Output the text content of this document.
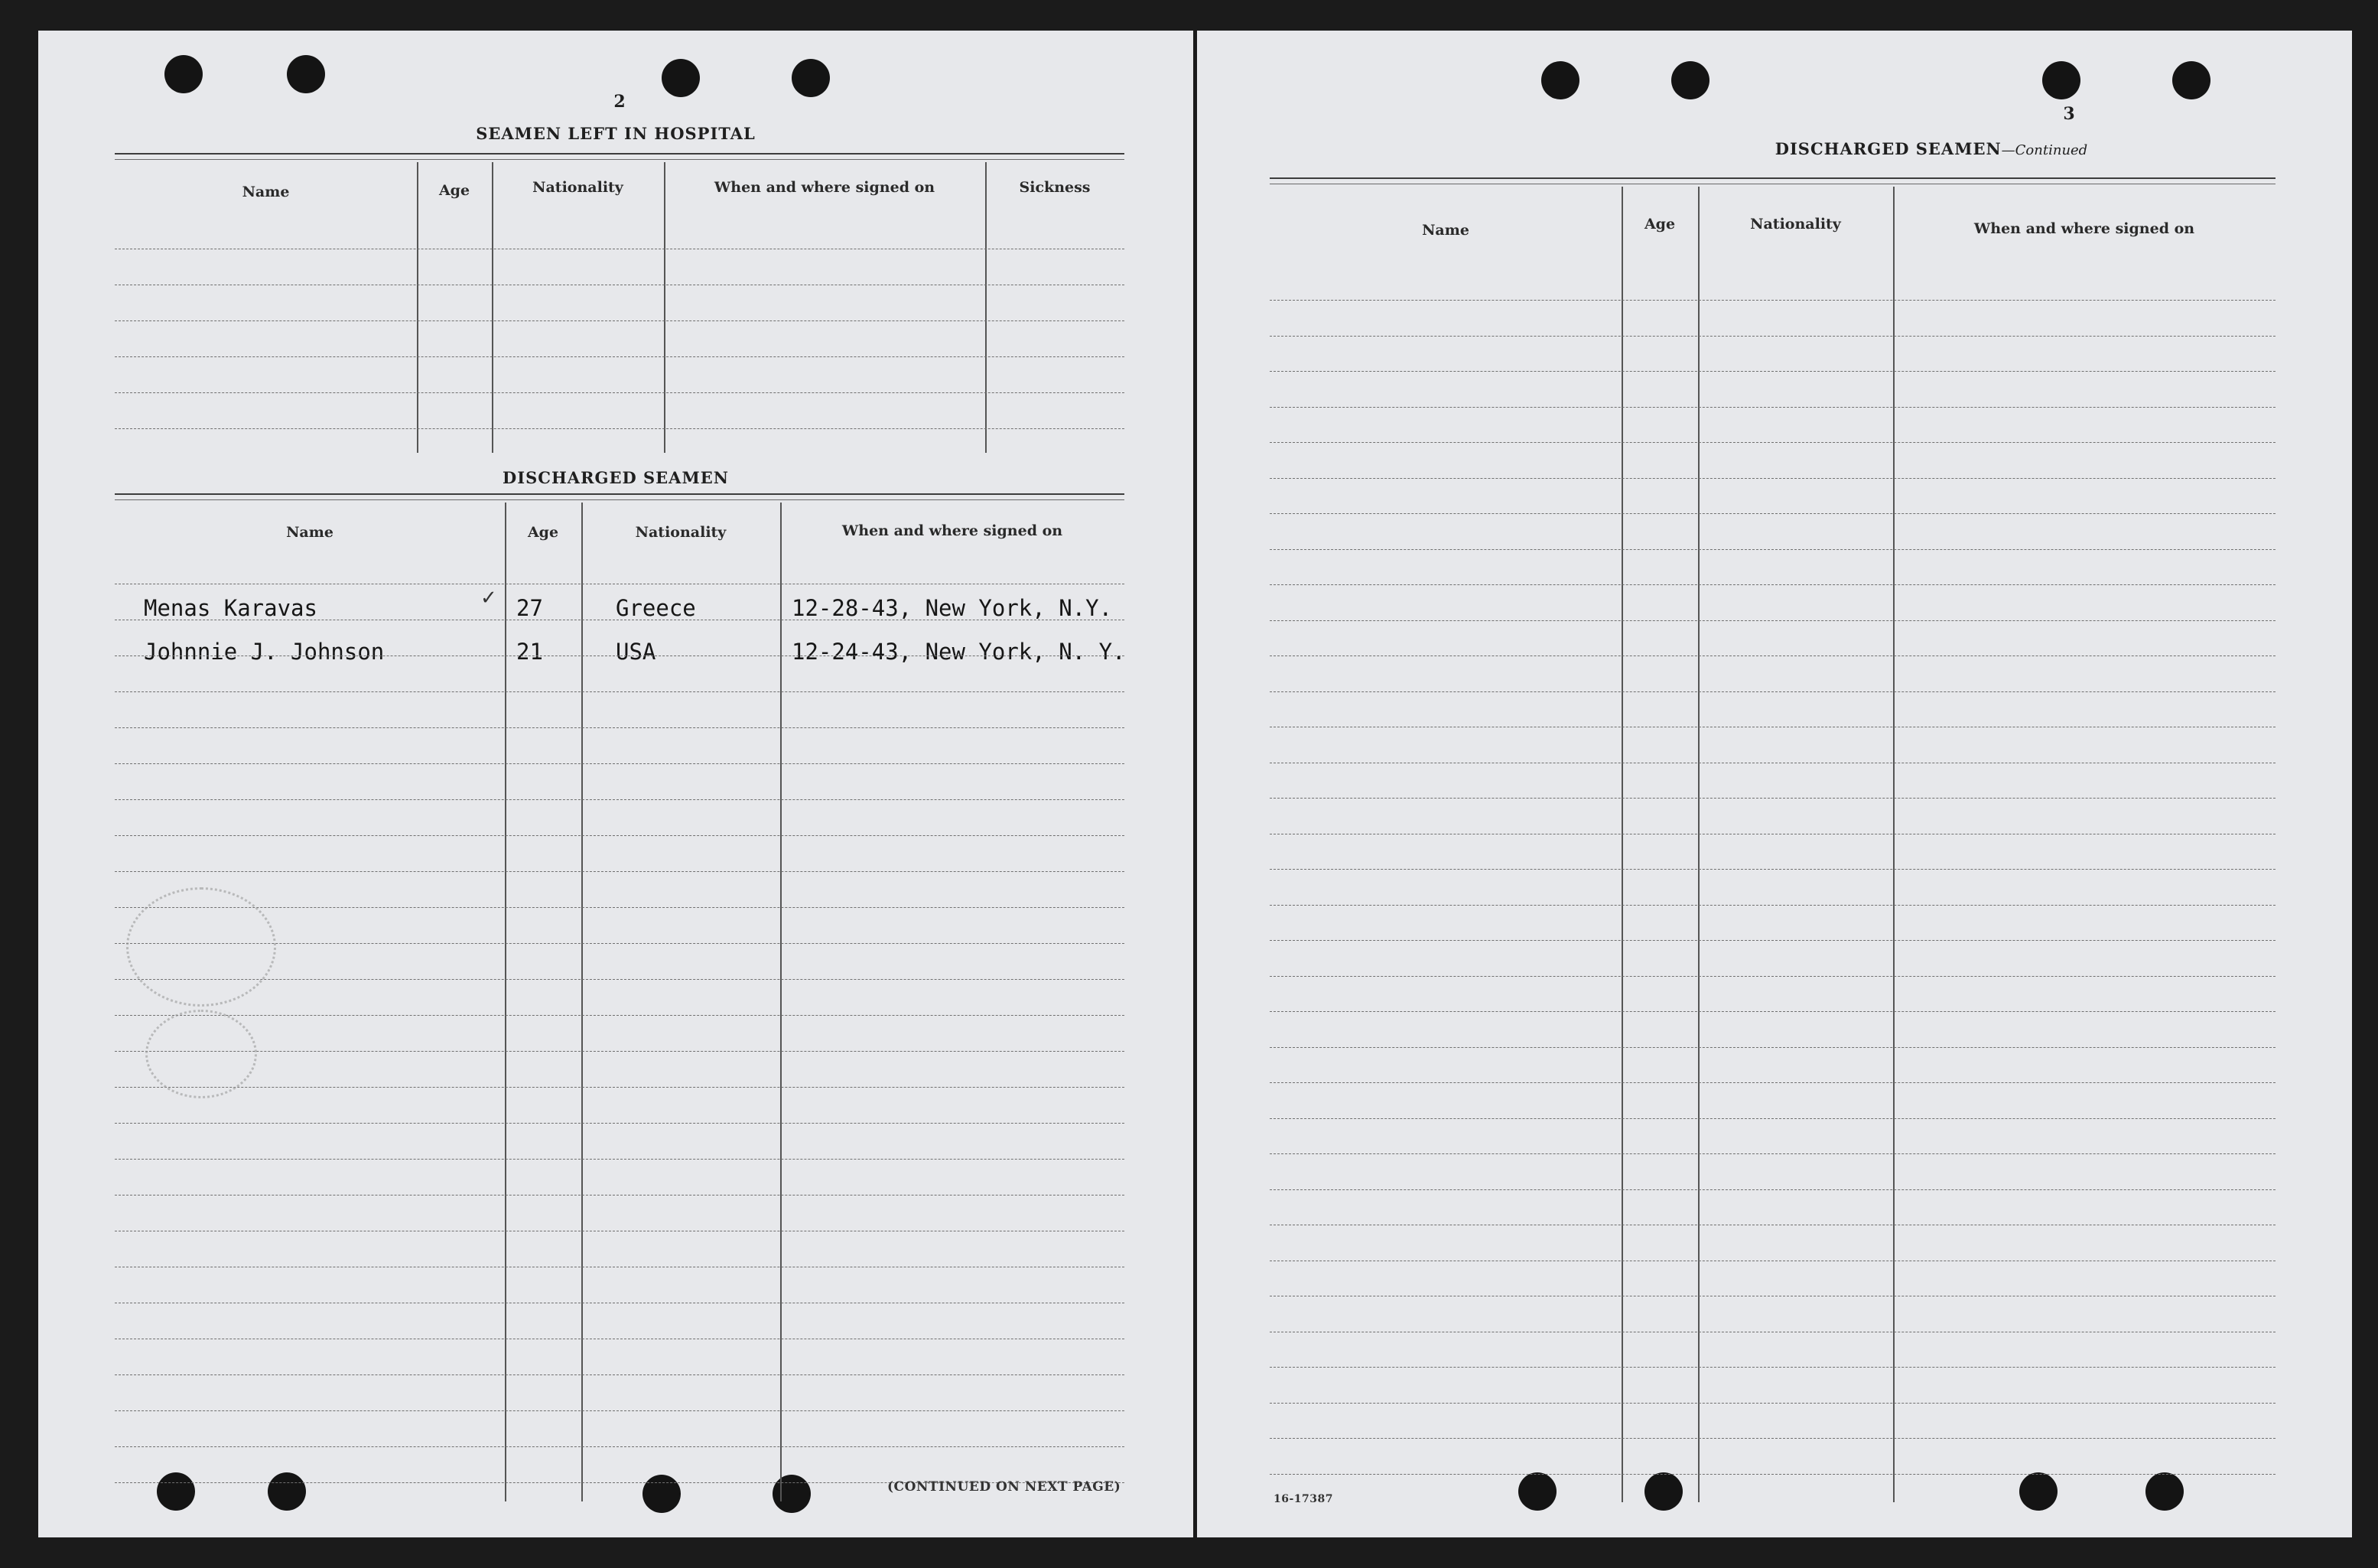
2
SEAMEN LEFT IN HOSPITAL
Name	Age	Nationality	When and where signed on	Sickness
DISCHARGED SEAMEN
Name	Age	Nationality	When and where signed on
Menas Karavas	✓ 27	Greece	12-28-43, New York, N.Y.
Johnnie J. Johnson	21	USA	12-24-43, New York, N. Y.
(CONTINUED ON NEXT PAGE)
3
DISCHARGED SEAMEN—Continued
Name	Age	Nationality	When and where signed on
16-17387
